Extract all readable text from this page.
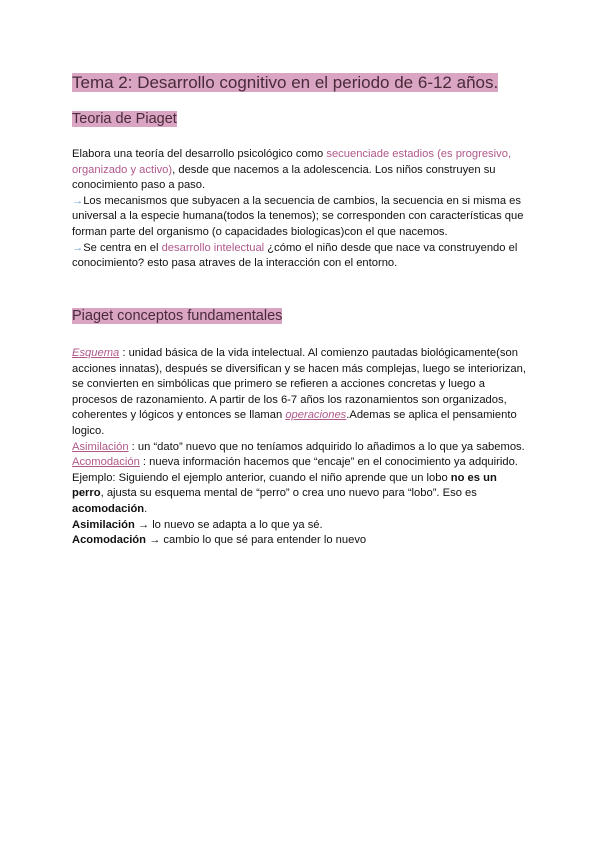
Tema 2: Desarrollo cognitivo en el periodo de 6-12 años.
Teoria de Piaget

Elabora una teoría del desarrollo psicológico como secuenciade estadios (es progresivo, organizado y activo), desde que nacemos a la adolescencia. Los niños construyen su conocimiento paso a paso.

→Los mecanismos que subyacen a la secuencia de cambios, la secuencia en si misma es universal a la especie humana(todos la tenemos); se corresponden con características que forman parte del organismo (o capacidades biologicas)con el que nacemos.

→Se centra en el desarrollo intelectual ¿cómo el niño desde que nace va construyendo el conocimiento? esto pasa atraves de la interacción con el entorno.

Piaget conceptos fundamentales

Esquema : unidad básica de la vida intelectual. Al comienzo pautadas biológicamente(son acciones innatas), después se diversifican y se hacen más complejas, luego se interiorizan, se convierten en simbólicas que primero se refieren a acciones concretas y luego a procesos de razonamiento. A partir de los 6-7 años los razonamientos son organizados, coherentes y lógicos y entonces se llaman operaciones.Ademas se aplica el pensamiento logico.

Asimilación : un “dato” nuevo que no teníamos adquirido lo añadimos a lo que ya sabemos.

Acomodación : nueva información hacemos que “encaje” en el conocimiento ya adquirido. Ejemplo: Siguiendo el ejemplo anterior, cuando el niño aprende que un lobo no es un perro, ajusta su esquema mental de “perro” o crea uno nuevo para “lobo”. Eso es acomodación.

Asimilación → lo nuevo se adapta a lo que ya sé.

Acomodación → cambio lo que sé para entender lo nuevo
